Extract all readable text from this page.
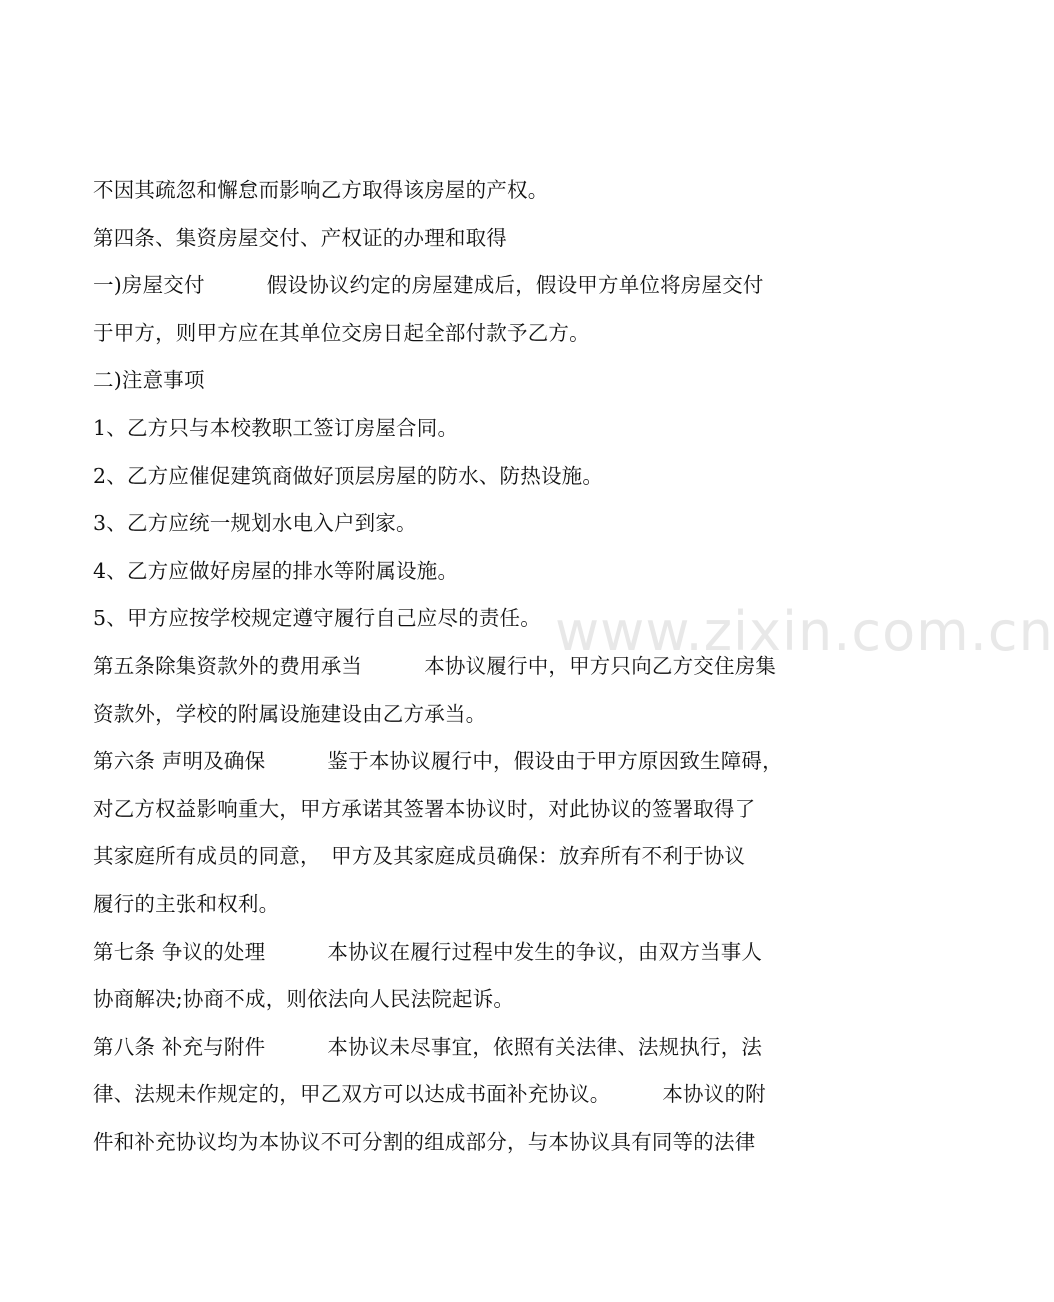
不因其疏忽和懈怠而影响乙方取得该房屋的产权。
第四条、集资房屋交付、产权证的办理和取得
一)房屋交付　　　假设协议约定的房屋建成后，假设甲方单位将房屋交付
于甲方，则甲方应在其单位交房日起全部付款予乙方。
二)注意事项
1、乙方只与本校教职工签订房屋合同。
2、乙方应催促建筑商做好顶层房屋的防水、防热设施。
3、乙方应统一规划水电入户到家。
4、乙方应做好房屋的排水等附属设施。
5、甲方应按学校规定遵守履行自己应尽的责任。
第五条除集资款外的费用承当　　　本协议履行中，甲方只向乙方交住房集
资款外，学校的附属设施建设由乙方承当。
第六条 声明及确保　　　鉴于本协议履行中，假设由于甲方原因致生障碍，
对乙方权益影响重大，甲方承诺其签署本协议时，对此协议的签署取得了
其家庭所有成员的同意，　甲方及其家庭成员确保：放弃所有不利于协议
履行的主张和权利。
第七条 争议的处理　　　本协议在履行过程中发生的争议，由双方当事人
协商解决;协商不成，则依法向人民法院起诉。
第八条 补充与附件　　　本协议未尽事宜，依照有关法律、法规执行，法
律、法规未作规定的，甲乙双方可以达成书面补充协议。　　　本协议的附
件和补充协议均为本协议不可分割的组成部分，与本协议具有同等的法律
www.zixin.com.cn
